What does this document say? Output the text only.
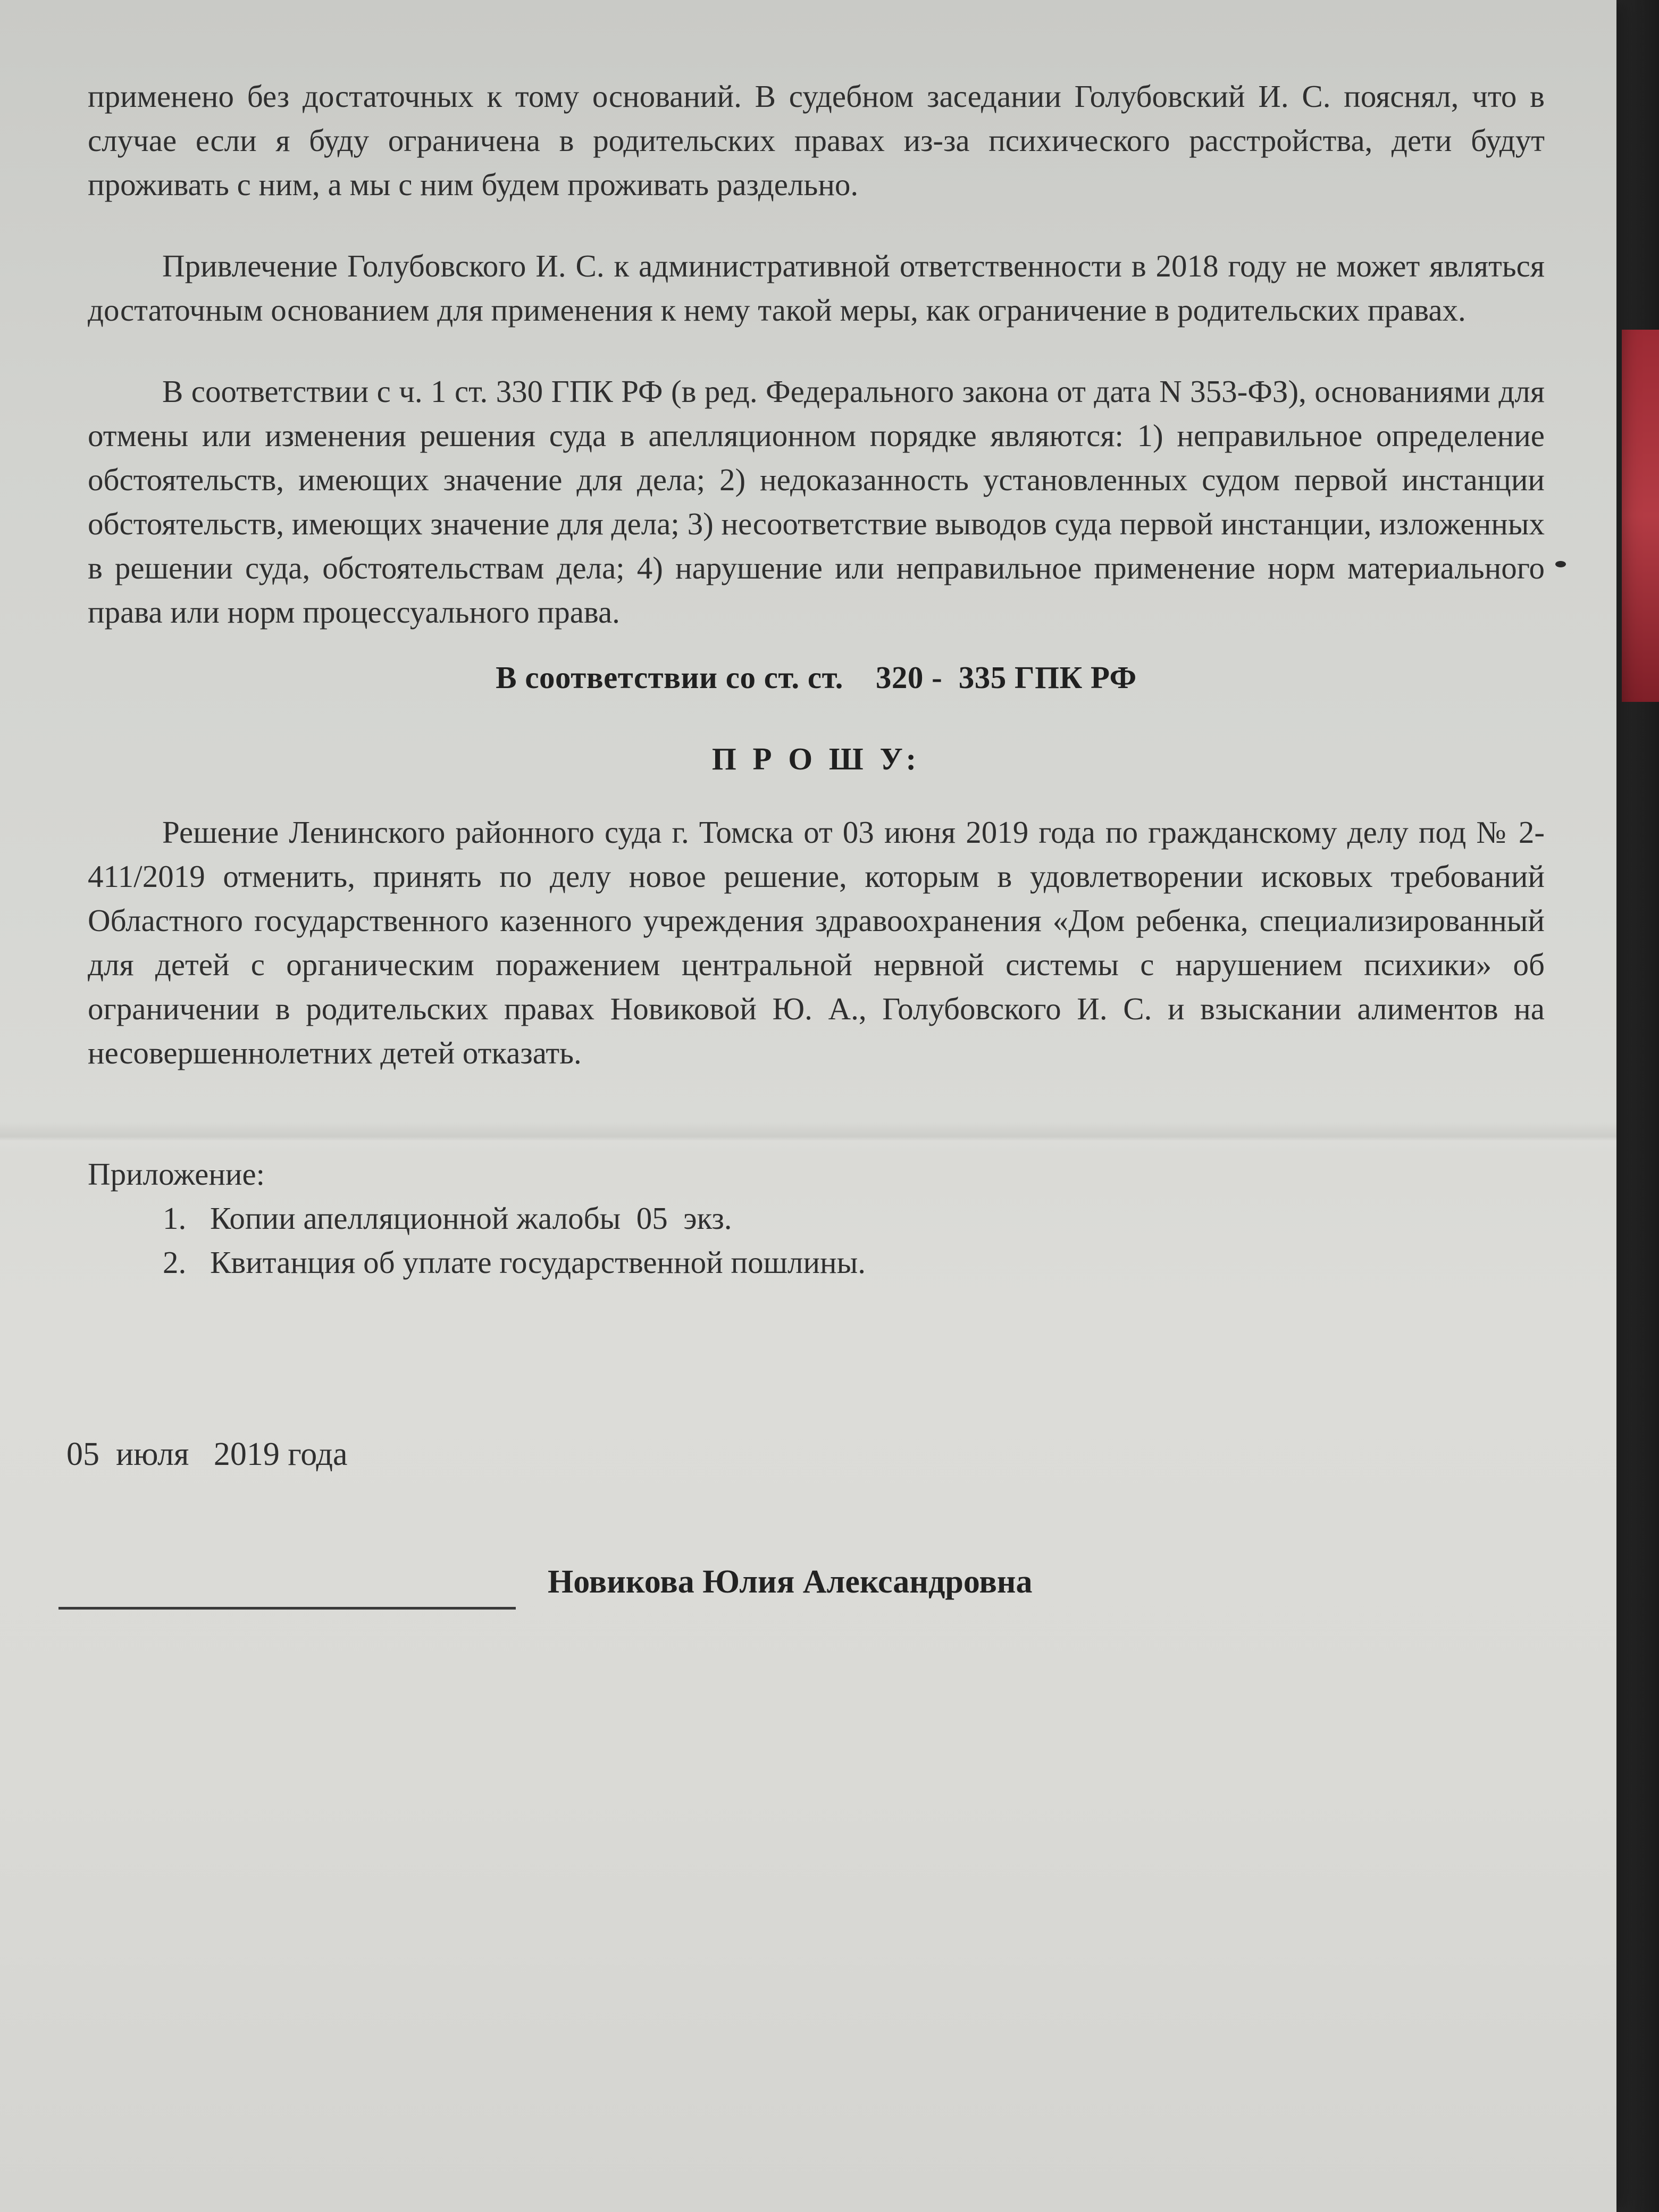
применено без достаточных к тому оснований. В судебном заседании Голубовский И. С. пояснял, что в случае если я буду ограничена в родительских правах из-за психического расстройства, дети будут проживать с ним, а мы с ним будем проживать раздельно.

Привлечение Голубовского И. С. к административной ответственности в 2018 году не может являться достаточным основанием для применения к нему такой меры, как ограничение в родительских правах.

В соответствии с ч. 1 ст. 330 ГПК РФ (в ред. Федерального закона от дата N 353-ФЗ), основаниями для отмены или изменения решения суда в апелляционном порядке являются: 1) неправильное определение обстоятельств, имеющих значение для дела; 2) недоказанность установленных судом первой инстанции обстоятельств, имеющих значение для дела; 3) несоответствие выводов суда первой инстанции, изложенных в решении суда, обстоятельствам дела; 4) нарушение или неправильное применение норм материального права или норм процессуального права.

В соответствии со ст. ст.    320 -  335 ГПК РФ

П Р О Ш У:

Решение Ленинского районного суда г. Томска от 03 июня 2019 года по гражданскому делу под № 2-411/2019 отменить, принять по делу новое решение, которым в удовлетворении исковых требований Областного государственного казенного учреждения здравоохранения «Дом ребенка, специализированный для детей с органическим поражением центральной нервной системы с нарушением психики» об ограничении в родительских правах Новиковой Ю. А., Голубовского И. С. и взыскании алиментов на несовершеннолетних детей отказать.

Приложение:

1. Копии апелляционной жалобы  05  экз.
2. Квитанция об уплате государственной пошлины.
05  июля   2019 года
Новикова Юлия Александровна
